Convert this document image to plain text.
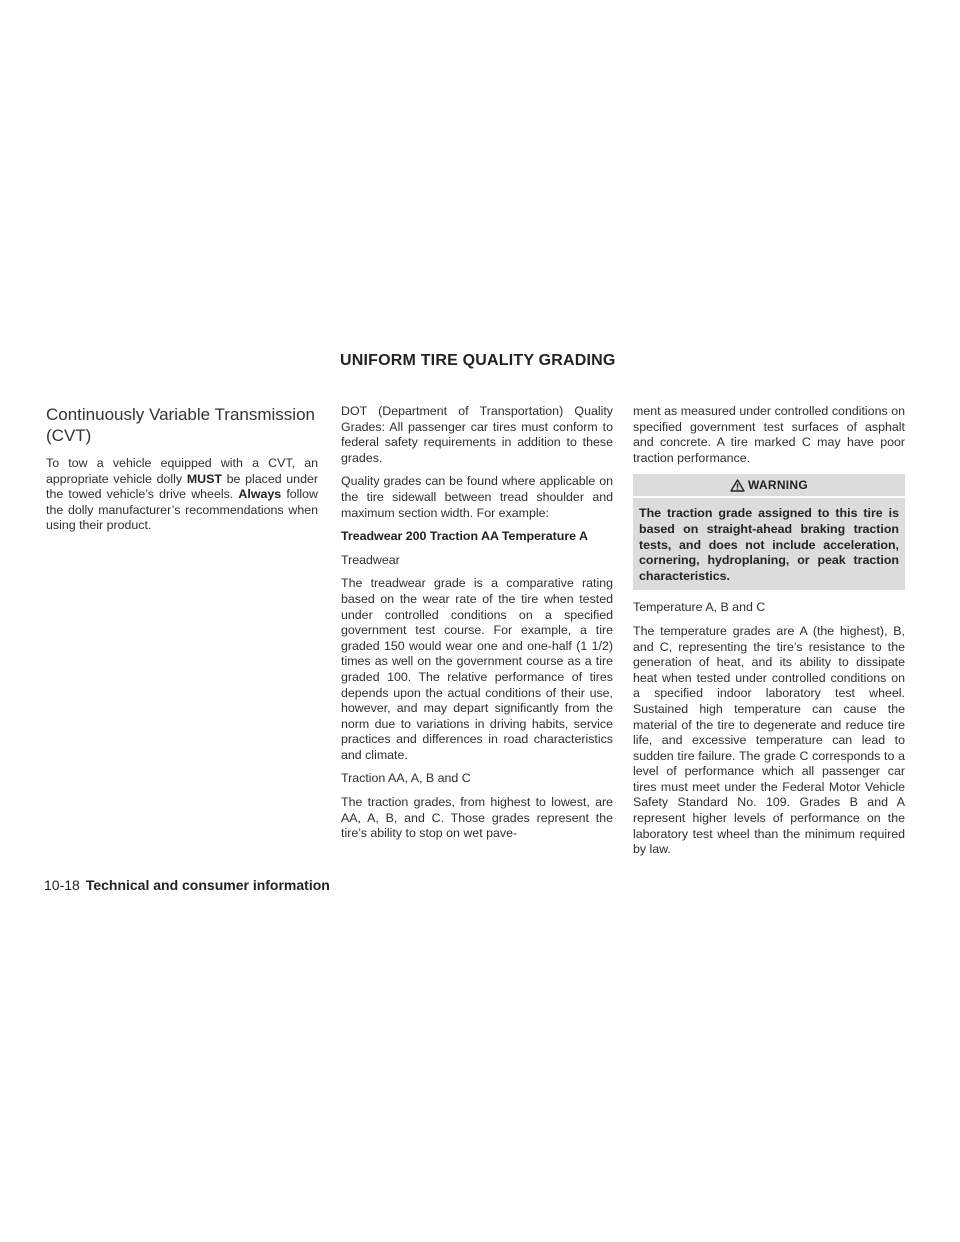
UNIFORM TIRE QUALITY GRADING
Continuously Variable Transmission (CVT)

To tow a vehicle equipped with a CVT, an appropriate vehicle dolly MUST be placed under the towed vehicle’s drive wheels. Always follow the dolly manufacturer’s recommendations when using their product.

DOT (Department of Transportation) Quality Grades: All passenger car tires must conform to federal safety requirements in addition to these grades.

Quality grades can be found where applicable on the tire sidewall between tread shoulder and maximum section width. For example:

Treadwear 200 Traction AA Temperature A

Treadwear

The treadwear grade is a comparative rating based on the wear rate of the tire when tested under controlled conditions on a specified government test course. For example, a tire graded 150 would wear one and one-half (1 1/2) times as well on the government course as a tire graded 100. The relative performance of tires depends upon the actual conditions of their use, however, and may depart significantly from the norm due to variations in driving habits, service practices and differences in road characteristics and climate.

Traction AA, A, B and C

The traction grades, from highest to lowest, are AA, A, B, and C. Those grades represent the tire’s ability to stop on wet pave-

ment as measured under controlled conditions on specified government test surfaces of asphalt and concrete. A tire marked C may have poor traction performance.

WARNING
The traction grade assigned to this tire is based on straight-ahead braking traction tests, and does not include acceleration, cornering, hydroplaning, or peak traction characteristics.

Temperature A, B and C

The temperature grades are A (the highest), B, and C, representing the tire’s resistance to the generation of heat, and its ability to dissipate heat when tested under controlled conditions on a specified indoor laboratory test wheel. Sustained high temperature can cause the material of the tire to degenerate and reduce tire life, and excessive temperature can lead to sudden tire failure. The grade C corresponds to a level of performance which all passenger car tires must meet under the Federal Motor Vehicle Safety Standard No. 109. Grades B and A represent higher levels of performance on the laboratory test wheel than the minimum required by law.

10-18 Technical and consumer information
